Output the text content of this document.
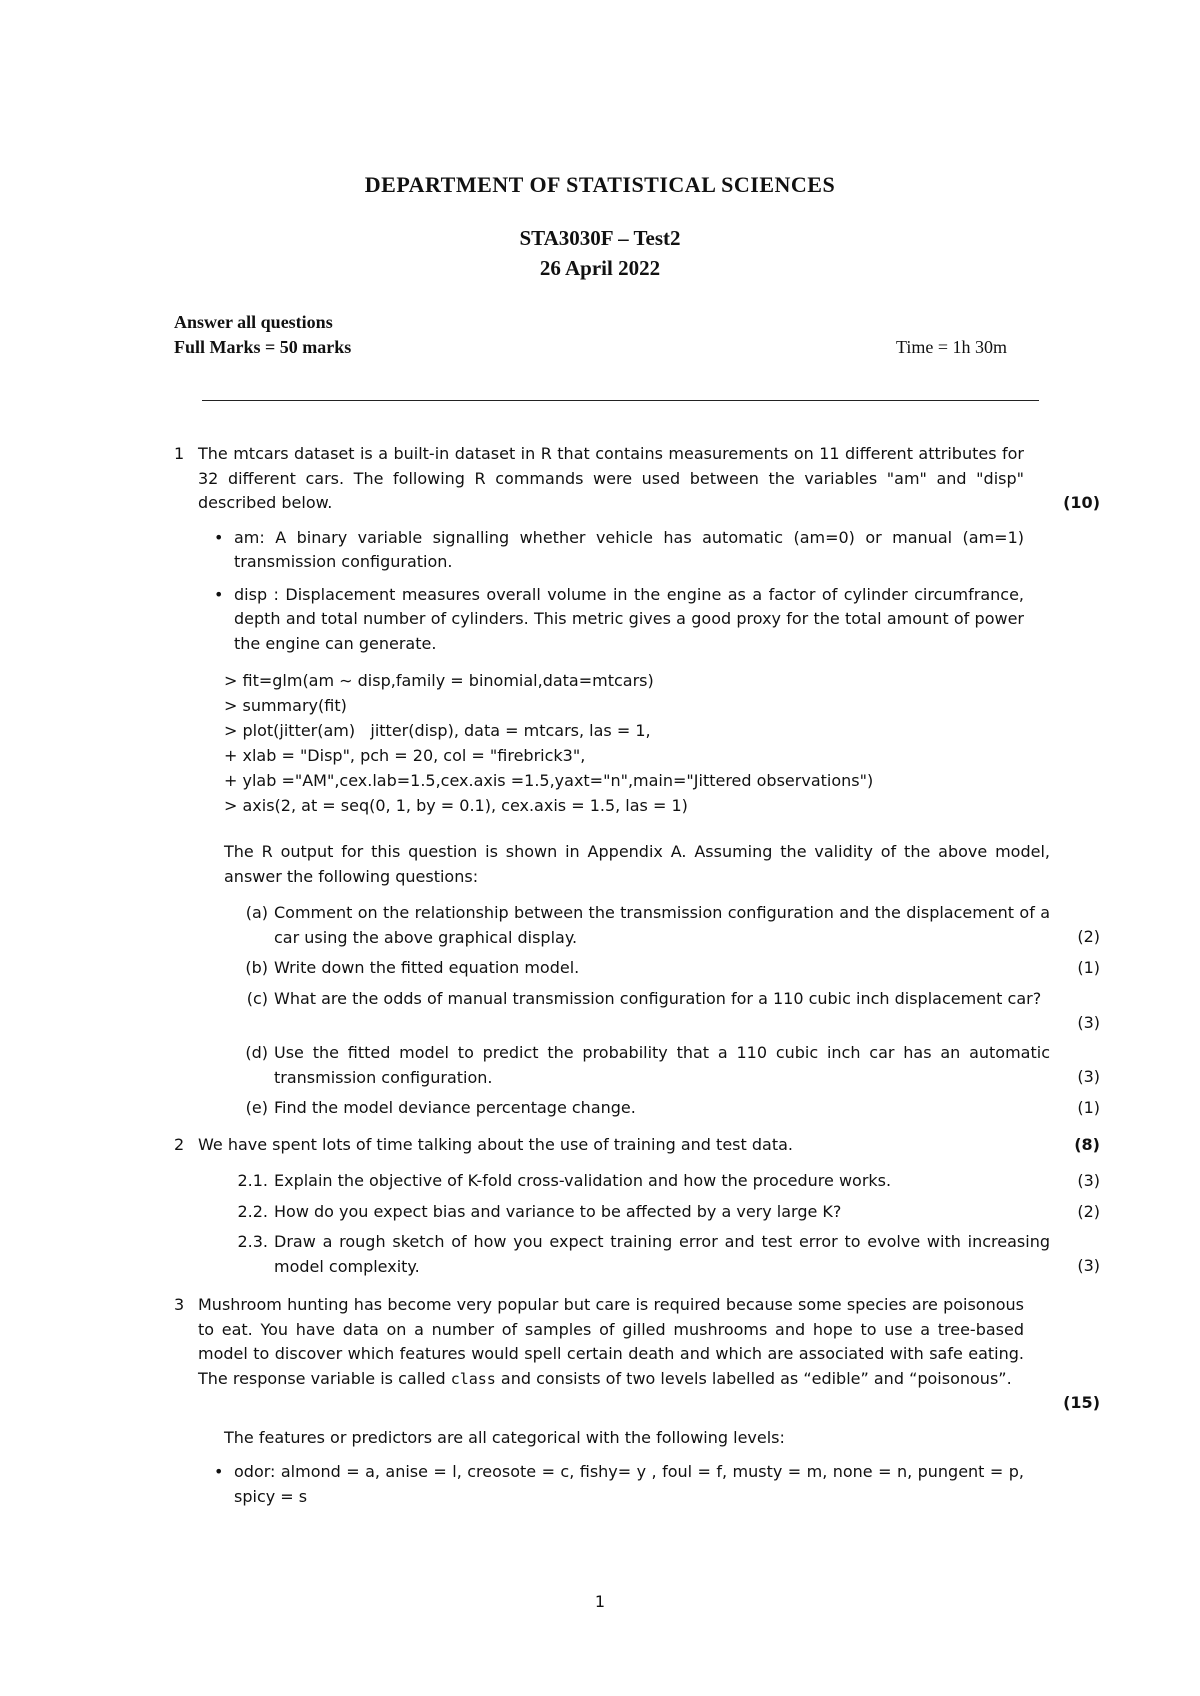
DEPARTMENT OF STATISTICAL SCIENCES
STA3030F – Test2
26 April 2022
Answer all questions
Full Marks = 50 marks	Time = 1h 30m
1 The mtcars dataset is a built-in dataset in R that contains measurements on 11 different attributes for 32 different cars. The following R commands were used between the variables "am" and "disp" described below.	(10)
• am: A binary variable signalling whether vehicle has automatic (am=0) or manual (am=1) transmission configuration.
• disp : Displacement measures overall volume in the engine as a factor of cylinder circumfrance, depth and total number of cylinders. This metric gives a good proxy for the total amount of power the engine can generate.
> fit=glm(am ∼ disp,family = binomial,data=mtcars)
> summary(fit)
> plot(jitter(am)   jitter(disp), data = mtcars, las = 1,
+ xlab = "Disp", pch = 20, col = "firebrick3",
+ ylab ="AM",cex.lab=1.5,cex.axis =1.5,yaxt="n",main="Jittered observations")
> axis(2, at = seq(0, 1, by = 0.1), cex.axis = 1.5, las = 1)
The R output for this question is shown in Appendix A. Assuming the validity of the above model, answer the following questions:
(a) Comment on the relationship between the transmission configuration and the displacement of a car using the above graphical display.	(2)
(b) Write down the fitted equation model.	(1)
(c) What are the odds of manual transmission configuration for a 110 cubic inch displacement car?
(3)
(d) Use the fitted model to predict the probability that a 110 cubic inch car has an automatic transmission configuration.	(3)
(e) Find the model deviance percentage change.	(1)
2 We have spent lots of time talking about the use of training and test data.	(8)
2.1. Explain the objective of K-fold cross-validation and how the procedure works.	(3)
2.2. How do you expect bias and variance to be affected by a very large K?	(2)
2.3. Draw a rough sketch of how you expect training error and test error to evolve with increasing model complexity.	(3)
3 Mushroom hunting has become very popular but care is required because some species are poisonous to eat. You have data on a number of samples of gilled mushrooms and hope to use a tree-based model to discover which features would spell certain death and which are associated with safe eating. The response variable is called class and consists of two levels labelled as “edible” and “poisonous”.
(15)
The features or predictors are all categorical with the following levels:
• odor: almond = a, anise = l, creosote = c, fishy= y , foul = f, musty = m, none = n, pungent = p, spicy = s
1
